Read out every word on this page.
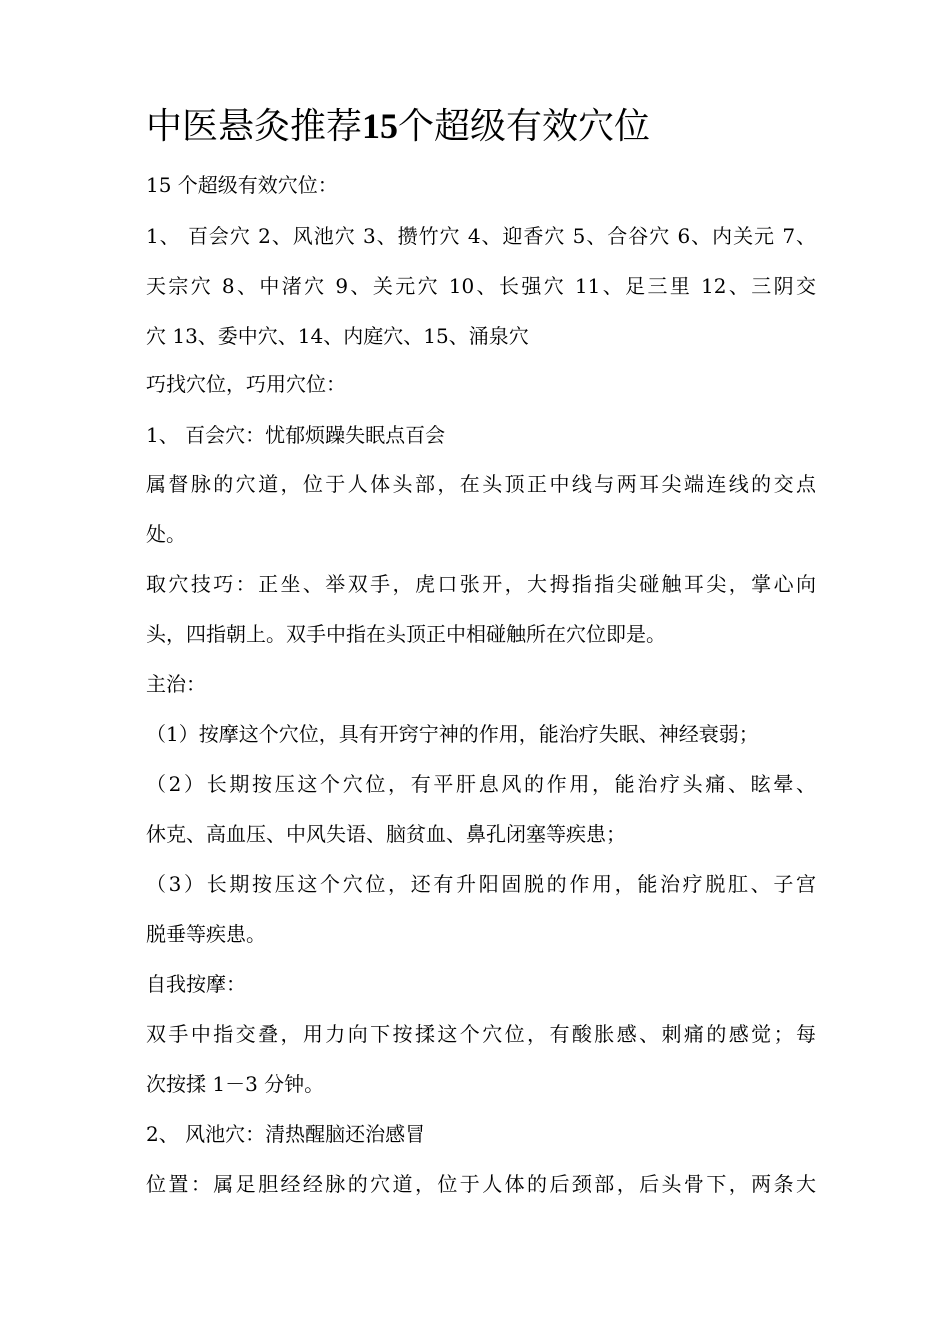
中医悬灸推荐15个超级有效穴位

15 个超级有效穴位：

1、 百会穴 2、风池穴 3、攒竹穴 4、迎香穴 5、合谷穴 6、内关元 7、

天宗穴 8、中渚穴 9、关元穴 10、长强穴 11、足三里 12、三阴交

穴 13、委中穴、14、内庭穴、15、涌泉穴

巧找穴位，巧用穴位：

1、 百会穴：忧郁烦躁失眠点百会

属督脉的穴道，位于人体头部，在头顶正中线与两耳尖端连线的交点

处。

取穴技巧：正坐、举双手，虎口张开，大拇指指尖碰触耳尖，掌心向

头，四指朝上。双手中指在头顶正中相碰触所在穴位即是。

主治：

（1）按摩这个穴位，具有开窍宁神的作用，能治疗失眠、神经衰弱；

（2）长期按压这个穴位，有平肝息风的作用，能治疗头痛、眩晕、

休克、高血压、中风失语、脑贫血、鼻孔闭塞等疾患；

（3）长期按压这个穴位，还有升阳固脱的作用，能治疗脱肛、子宫

脱垂等疾患。

自我按摩：

双手中指交叠，用力向下按揉这个穴位，有酸胀感、刺痛的感觉；每

次按揉 1－3 分钟。

2、 风池穴：清热醒脑还治感冒

位置：属足胆经经脉的穴道，位于人体的后颈部，后头骨下，两条大
